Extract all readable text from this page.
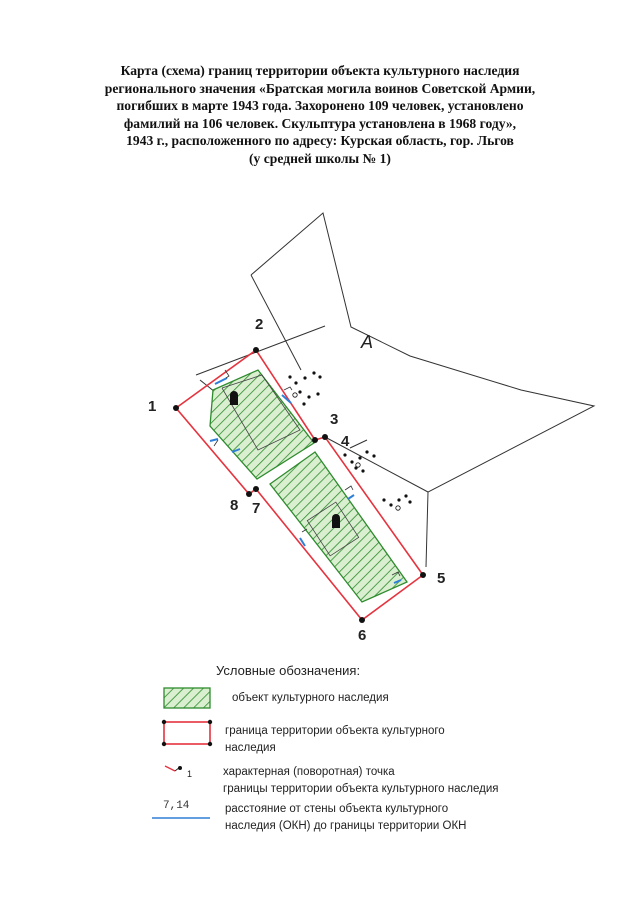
Карта (схема) границ территории объекта культурного наследия
регионального значения «Братская могила воинов Советской Армии,
погибших в марте 1943 года. Захоронено 109 человек, установлено
фамилий на 106 человек. Скульптура установлена в 1968 году»,
1943 г., расположенного по адресу: Курская область, гор. Льгов
(у средней школы № 1)
1
2
3
4
5
6
7
8
А
1
Условные обозначения:
объект культурного наследия
граница территории объекта культурного
наследия
характерная (поворотная) точка
границы территории объекта культурного наследия
7,14	расстояние от стены объекта культурного
наследия (ОКН) до границы территории ОКН
